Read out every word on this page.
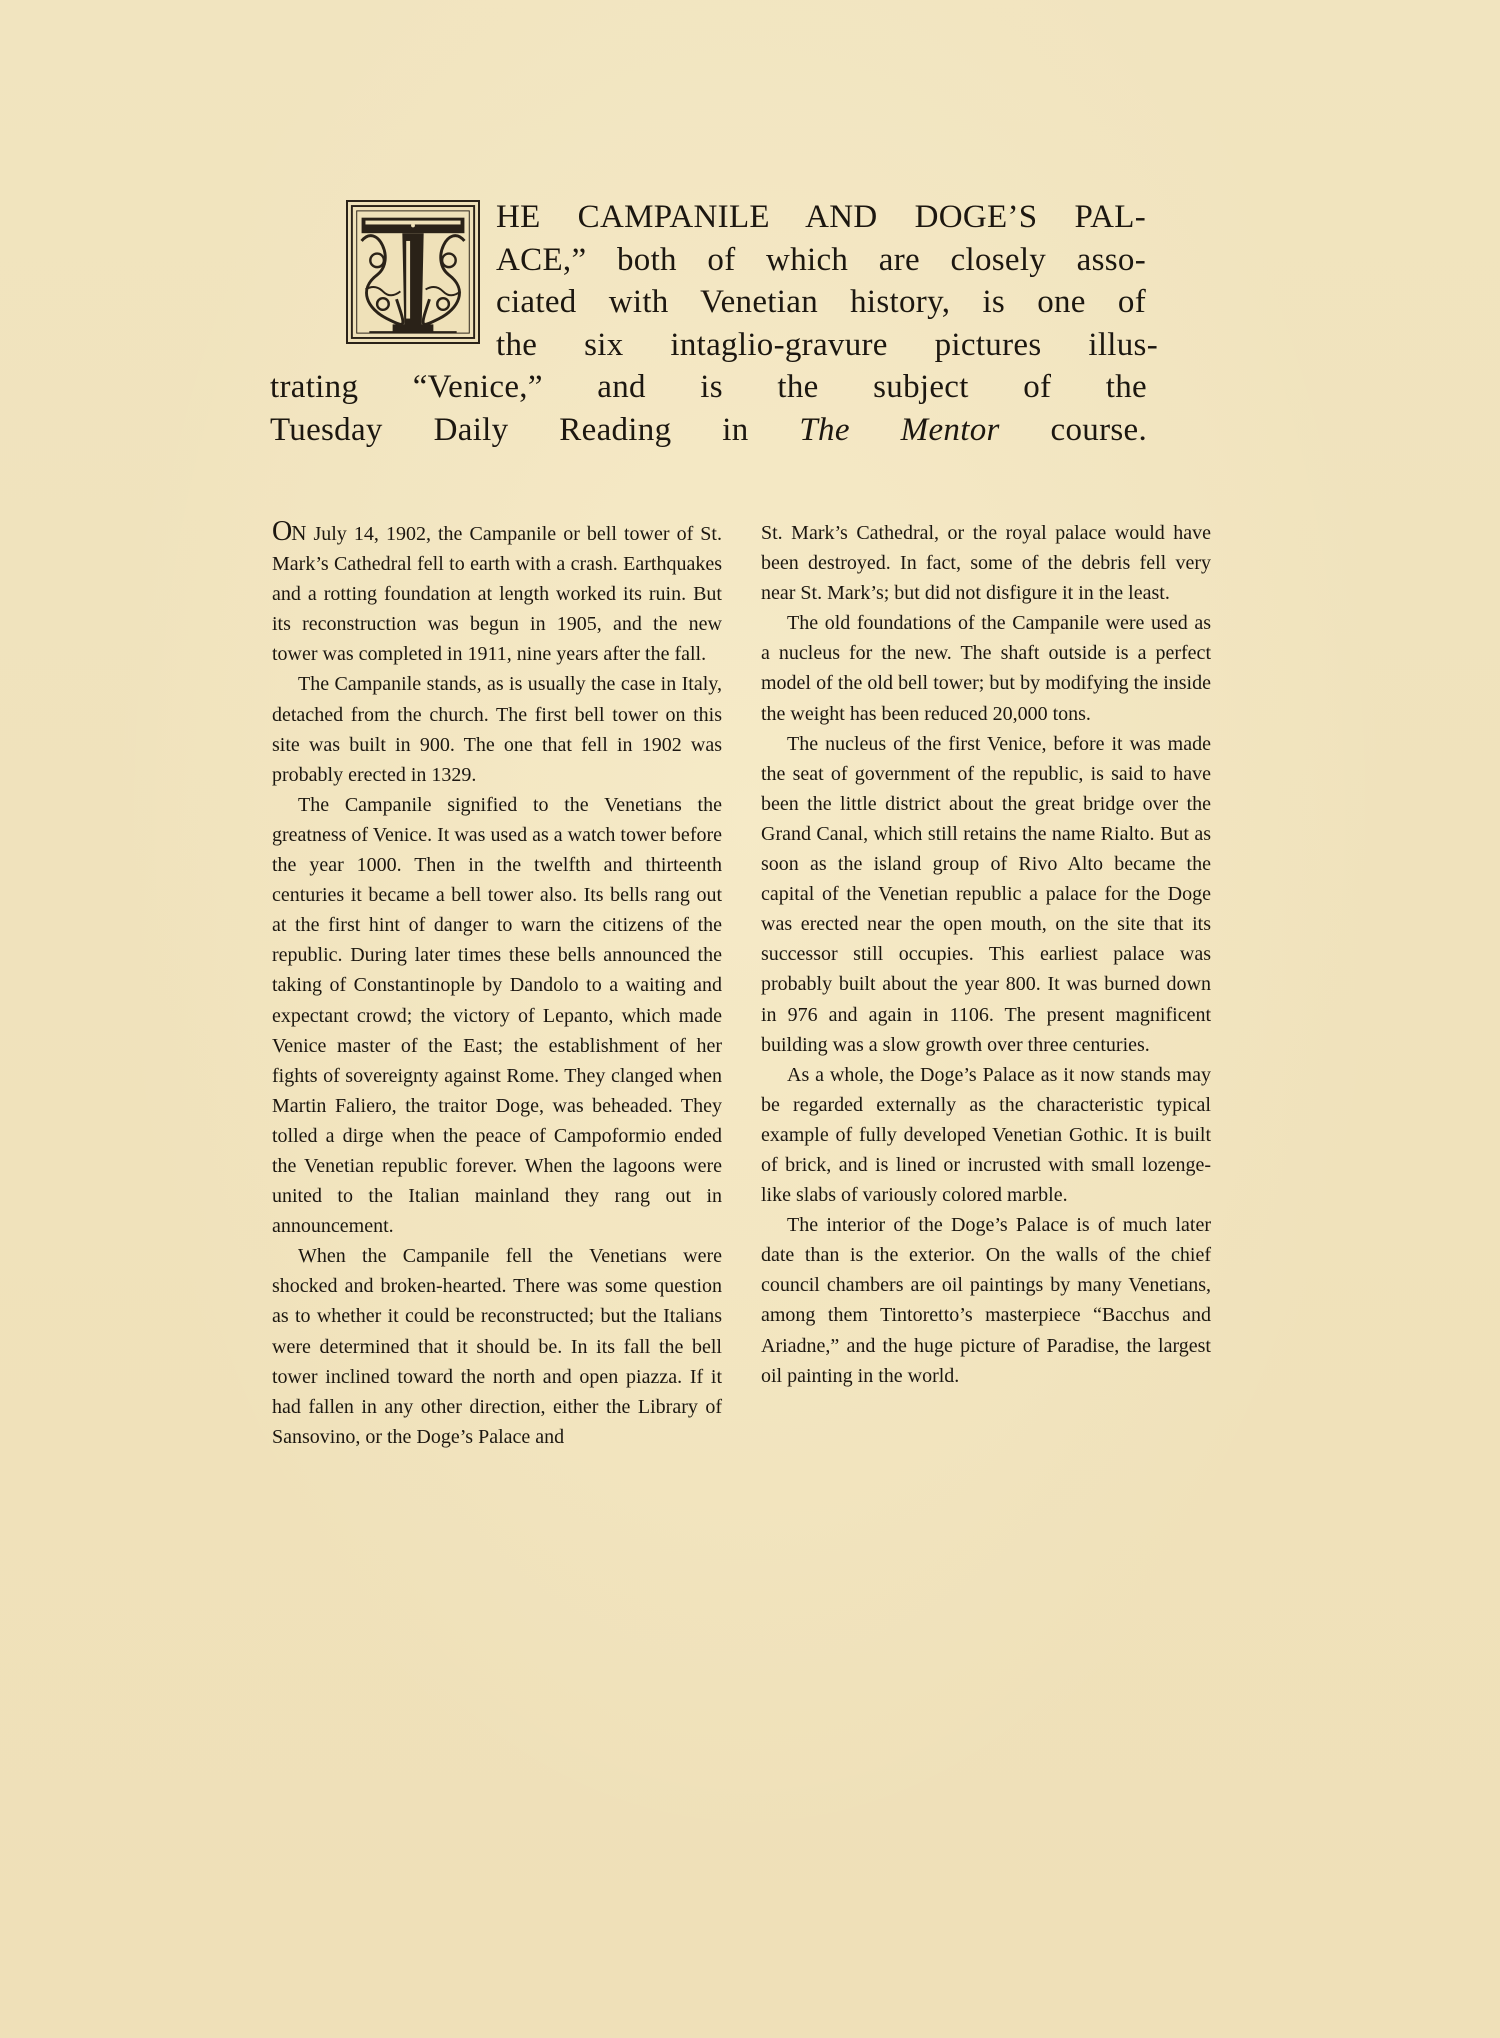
HE CAMPANILE AND DOGE’S PAL-
ACE,” both of which are closely asso-
ciated with Venetian history, is one of
the six intaglio-gravure pictures illus-
trating “Venice,” and is the subject of the
Tuesday Daily Reading in The Mentor course.

ON July 14, 1902, the Campanile or bell tower of St. Mark’s Cathedral fell to earth with a crash. Earthquakes and a rotting foundation at length worked its ruin. But its reconstruction was begun in 1905, and the new tower was completed in 1911, nine years after the fall.

The Campanile stands, as is usually the case in Italy, detached from the church. The first bell tower on this site was built in 900. The one that fell in 1902 was probably erected in 1329.

The Campanile signified to the Venetians the greatness of Venice. It was used as a watch tower before the year 1000. Then in the twelfth and thirteenth centuries it became a bell tower also. Its bells rang out at the first hint of danger to warn the citizens of the republic. During later times these bells announced the taking of Constantinople by Dandolo to a waiting and expectant crowd; the victory of Lepanto, which made Venice master of the East; the establishment of her fights of sovereignty against Rome. They clanged when Martin Faliero, the traitor Doge, was beheaded. They tolled a dirge when the peace of Campoformio ended the Venetian republic forever. When the lagoons were united to the Italian mainland they rang out in announcement.

When the Campanile fell the Venetians were shocked and broken-hearted. There was some question as to whether it could be reconstructed; but the Italians were determined that it should be. In its fall the bell tower inclined toward the north and open piazza. If it had fallen in any other direction, either the Library of Sansovino, or the Doge’s Palace and

St. Mark’s Cathedral, or the royal palace would have been destroyed. In fact, some of the debris fell very near St. Mark’s; but did not disfigure it in the least.

The old foundations of the Campanile were used as a nucleus for the new. The shaft outside is a perfect model of the old bell tower; but by modifying the inside the weight has been reduced 20,000 tons.

The nucleus of the first Venice, before it was made the seat of government of the republic, is said to have been the little district about the great bridge over the Grand Canal, which still retains the name Rialto. But as soon as the island group of Rivo Alto became the capital of the Venetian republic a palace for the Doge was erected near the open mouth, on the site that its successor still occupies. This earliest palace was probably built about the year 800. It was burned down in 976 and again in 1106. The present magnificent building was a slow growth over three centuries.

As a whole, the Doge’s Palace as it now stands may be regarded externally as the characteristic typical example of fully developed Venetian Gothic. It is built of brick, and is lined or incrusted with small lozenge-like slabs of variously colored marble.

The interior of the Doge’s Palace is of much later date than is the exterior. On the walls of the chief council chambers are oil paintings by many Venetians, among them Tintoretto’s masterpiece “Bacchus and Ariadne,” and the huge picture of Paradise, the largest oil painting in the world.
